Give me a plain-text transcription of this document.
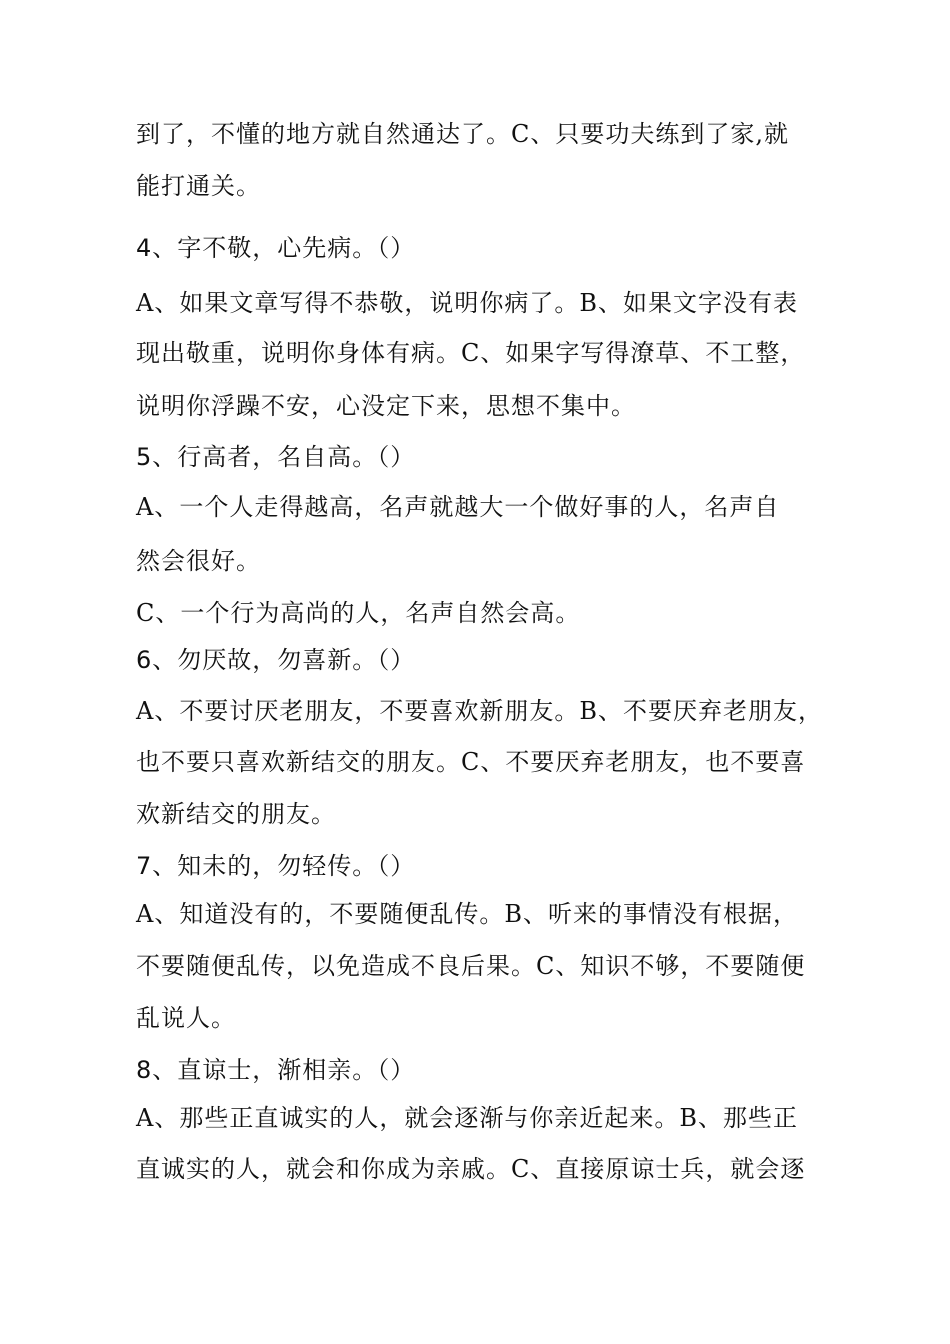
到了，不懂的地方就自然通达了。C、只要功夫练到了家,就
能打通关。
4、字不敬，心先病。（）
A、如果文章写得不恭敬，说明你病了。B、如果文字没有表
现出敬重，说明你身体有病。C、如果字写得潦草、不工整，
说明你浮躁不安，心没定下来，思想不集中。
5、行高者，名自高。（）
A、一个人走得越高，名声就越大一个做好事的人，名声自
然会很好。
C、一个行为高尚的人，名声自然会高。
6、勿厌故，勿喜新。（）
A、不要讨厌老朋友，不要喜欢新朋友。B、不要厌弃老朋友，
也不要只喜欢新结交的朋友。C、不要厌弃老朋友，也不要喜
欢新结交的朋友。
7、知未的，勿轻传。（）
A、知道没有的，不要随便乱传。B、听来的事情没有根据，
不要随便乱传，以免造成不良后果。C、知识不够，不要随便
乱说人。
8、直谅士，渐相亲。（）
A、那些正直诚实的人，就会逐渐与你亲近起来。B、那些正
直诚实的人，就会和你成为亲戚。C、直接原谅士兵，就会逐
